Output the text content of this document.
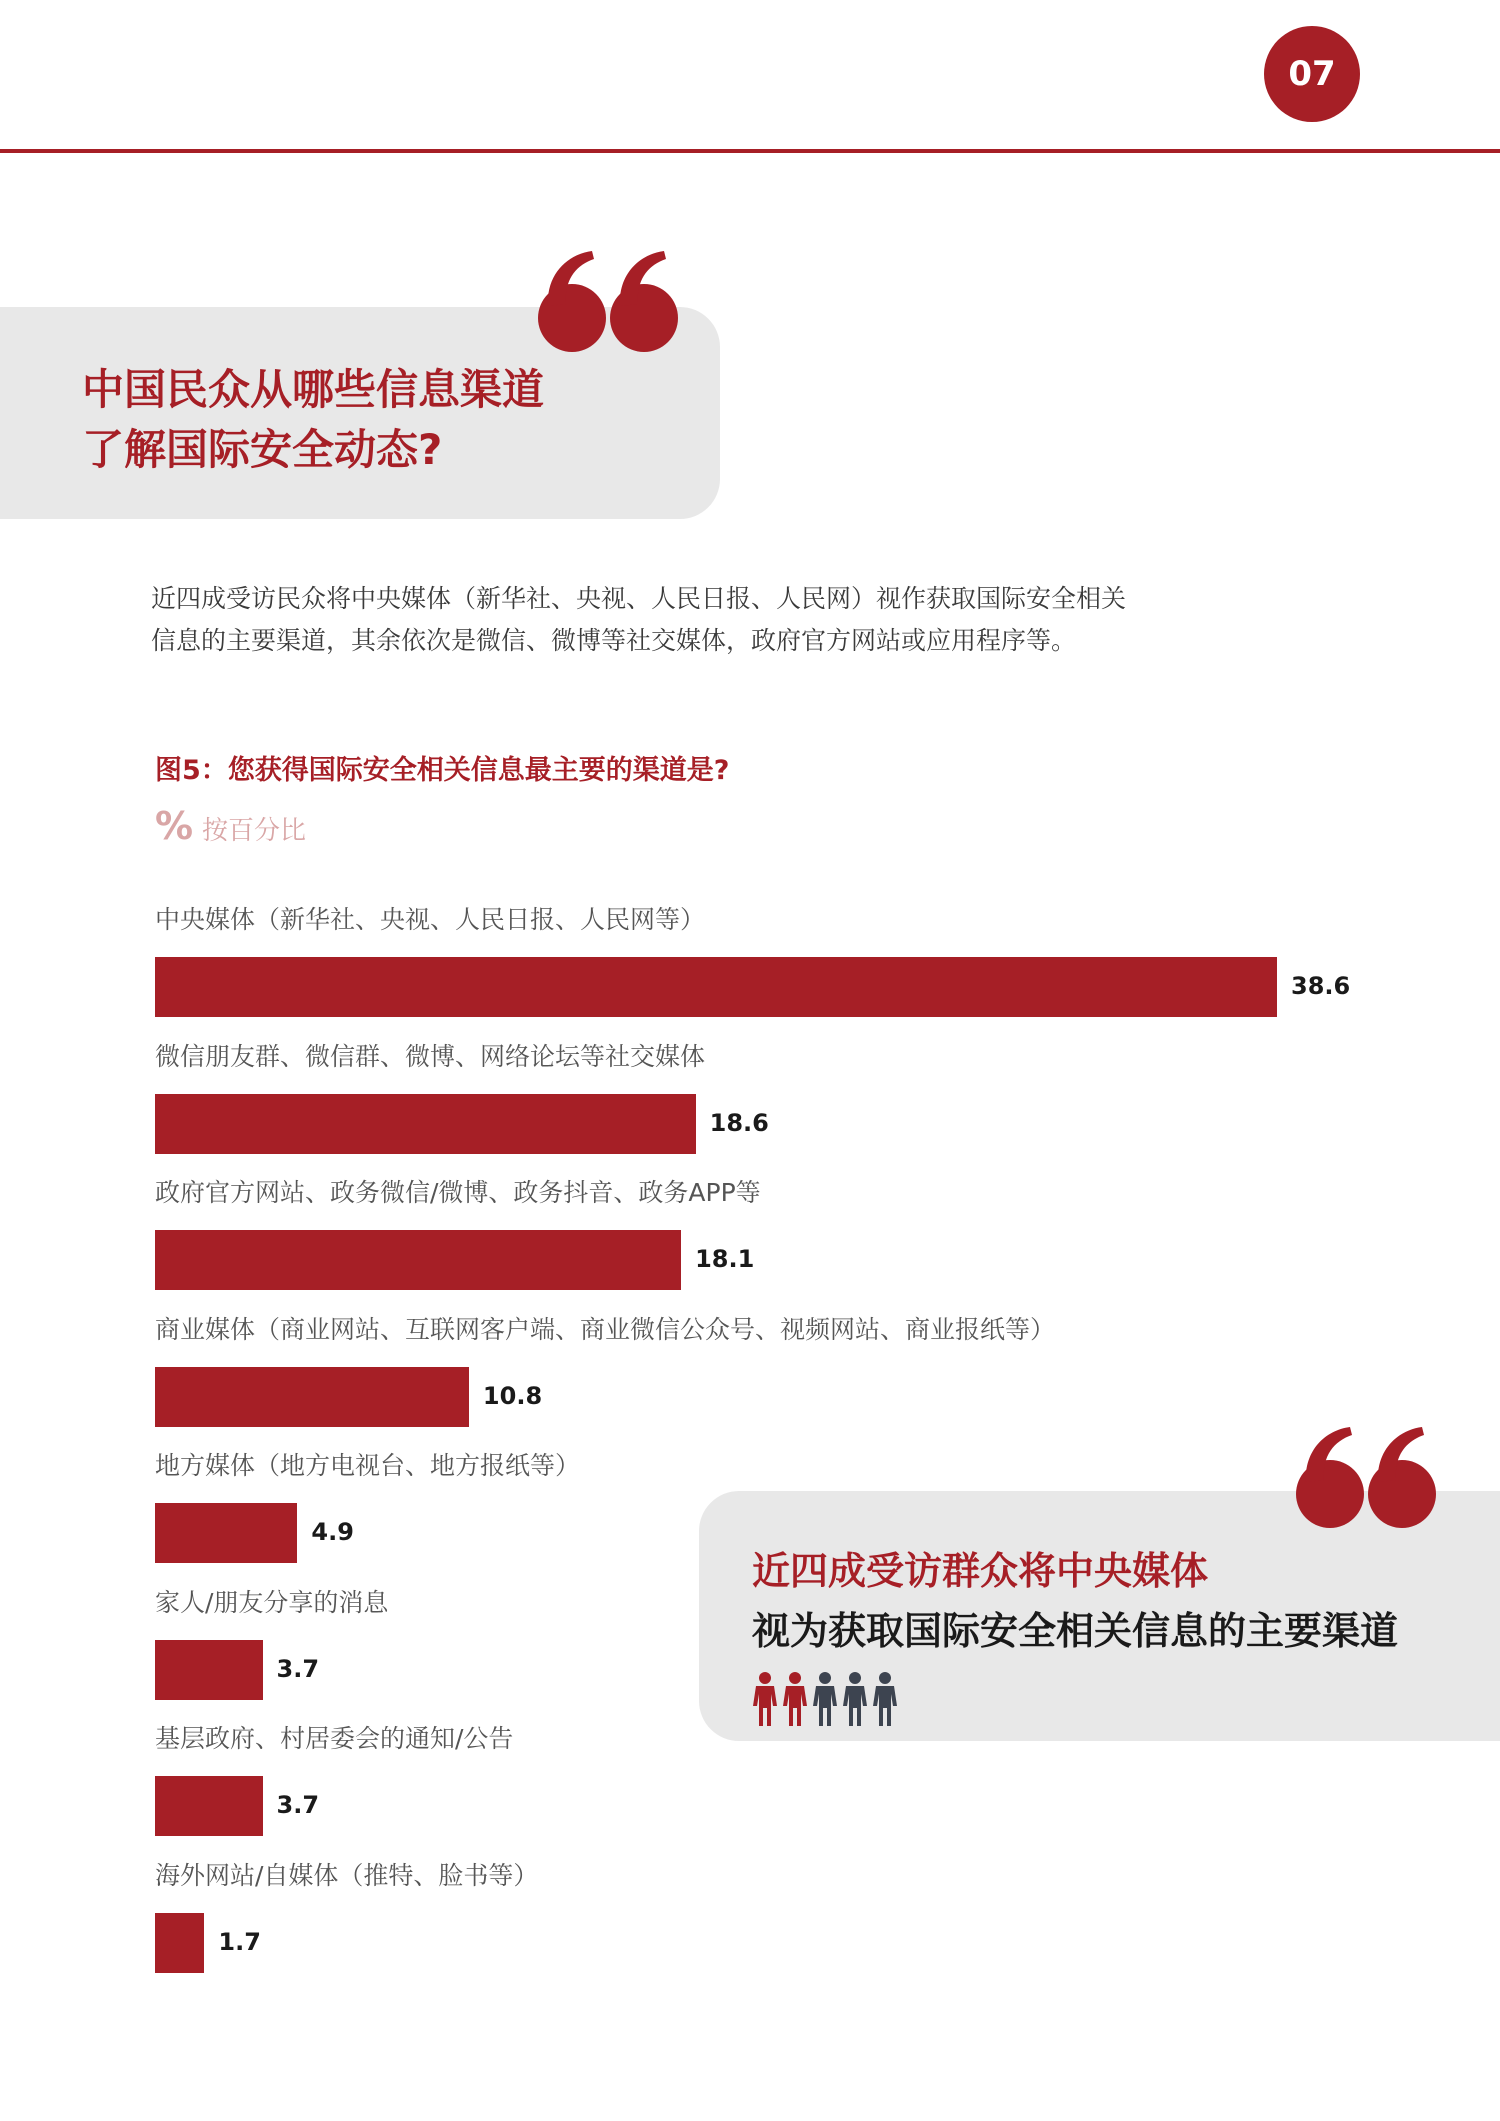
07
中国民众从哪些信息渠道
了解国际安全动态?
近四成受访民众将中央媒体（新华社、央视、人民日报、人民网）视作获取国际安全相关
信息的主要渠道，其余依次是微信、微博等社交媒体，政府官方网站或应用程序等。
图5：您获得国际安全相关信息最主要的渠道是?
% 按百分比
中央媒体（新华社、央视、人民日报、人民网等）
38.6
微信朋友群、微信群、微博、网络论坛等社交媒体
18.6
政府官方网站、政务微信/微博、政务抖音、政务APP等
18.1
商业媒体（商业网站、互联网客户端、商业微信公众号、视频网站、商业报纸等）
10.8
地方媒体（地方电视台、地方报纸等）
4.9
家人/朋友分享的消息
3.7
基层政府、村居委会的通知/公告
3.7
海外网站/自媒体（推特、脸书等）
1.7
近四成受访群众将中央媒体
视为获取国际安全相关信息的主要渠道
